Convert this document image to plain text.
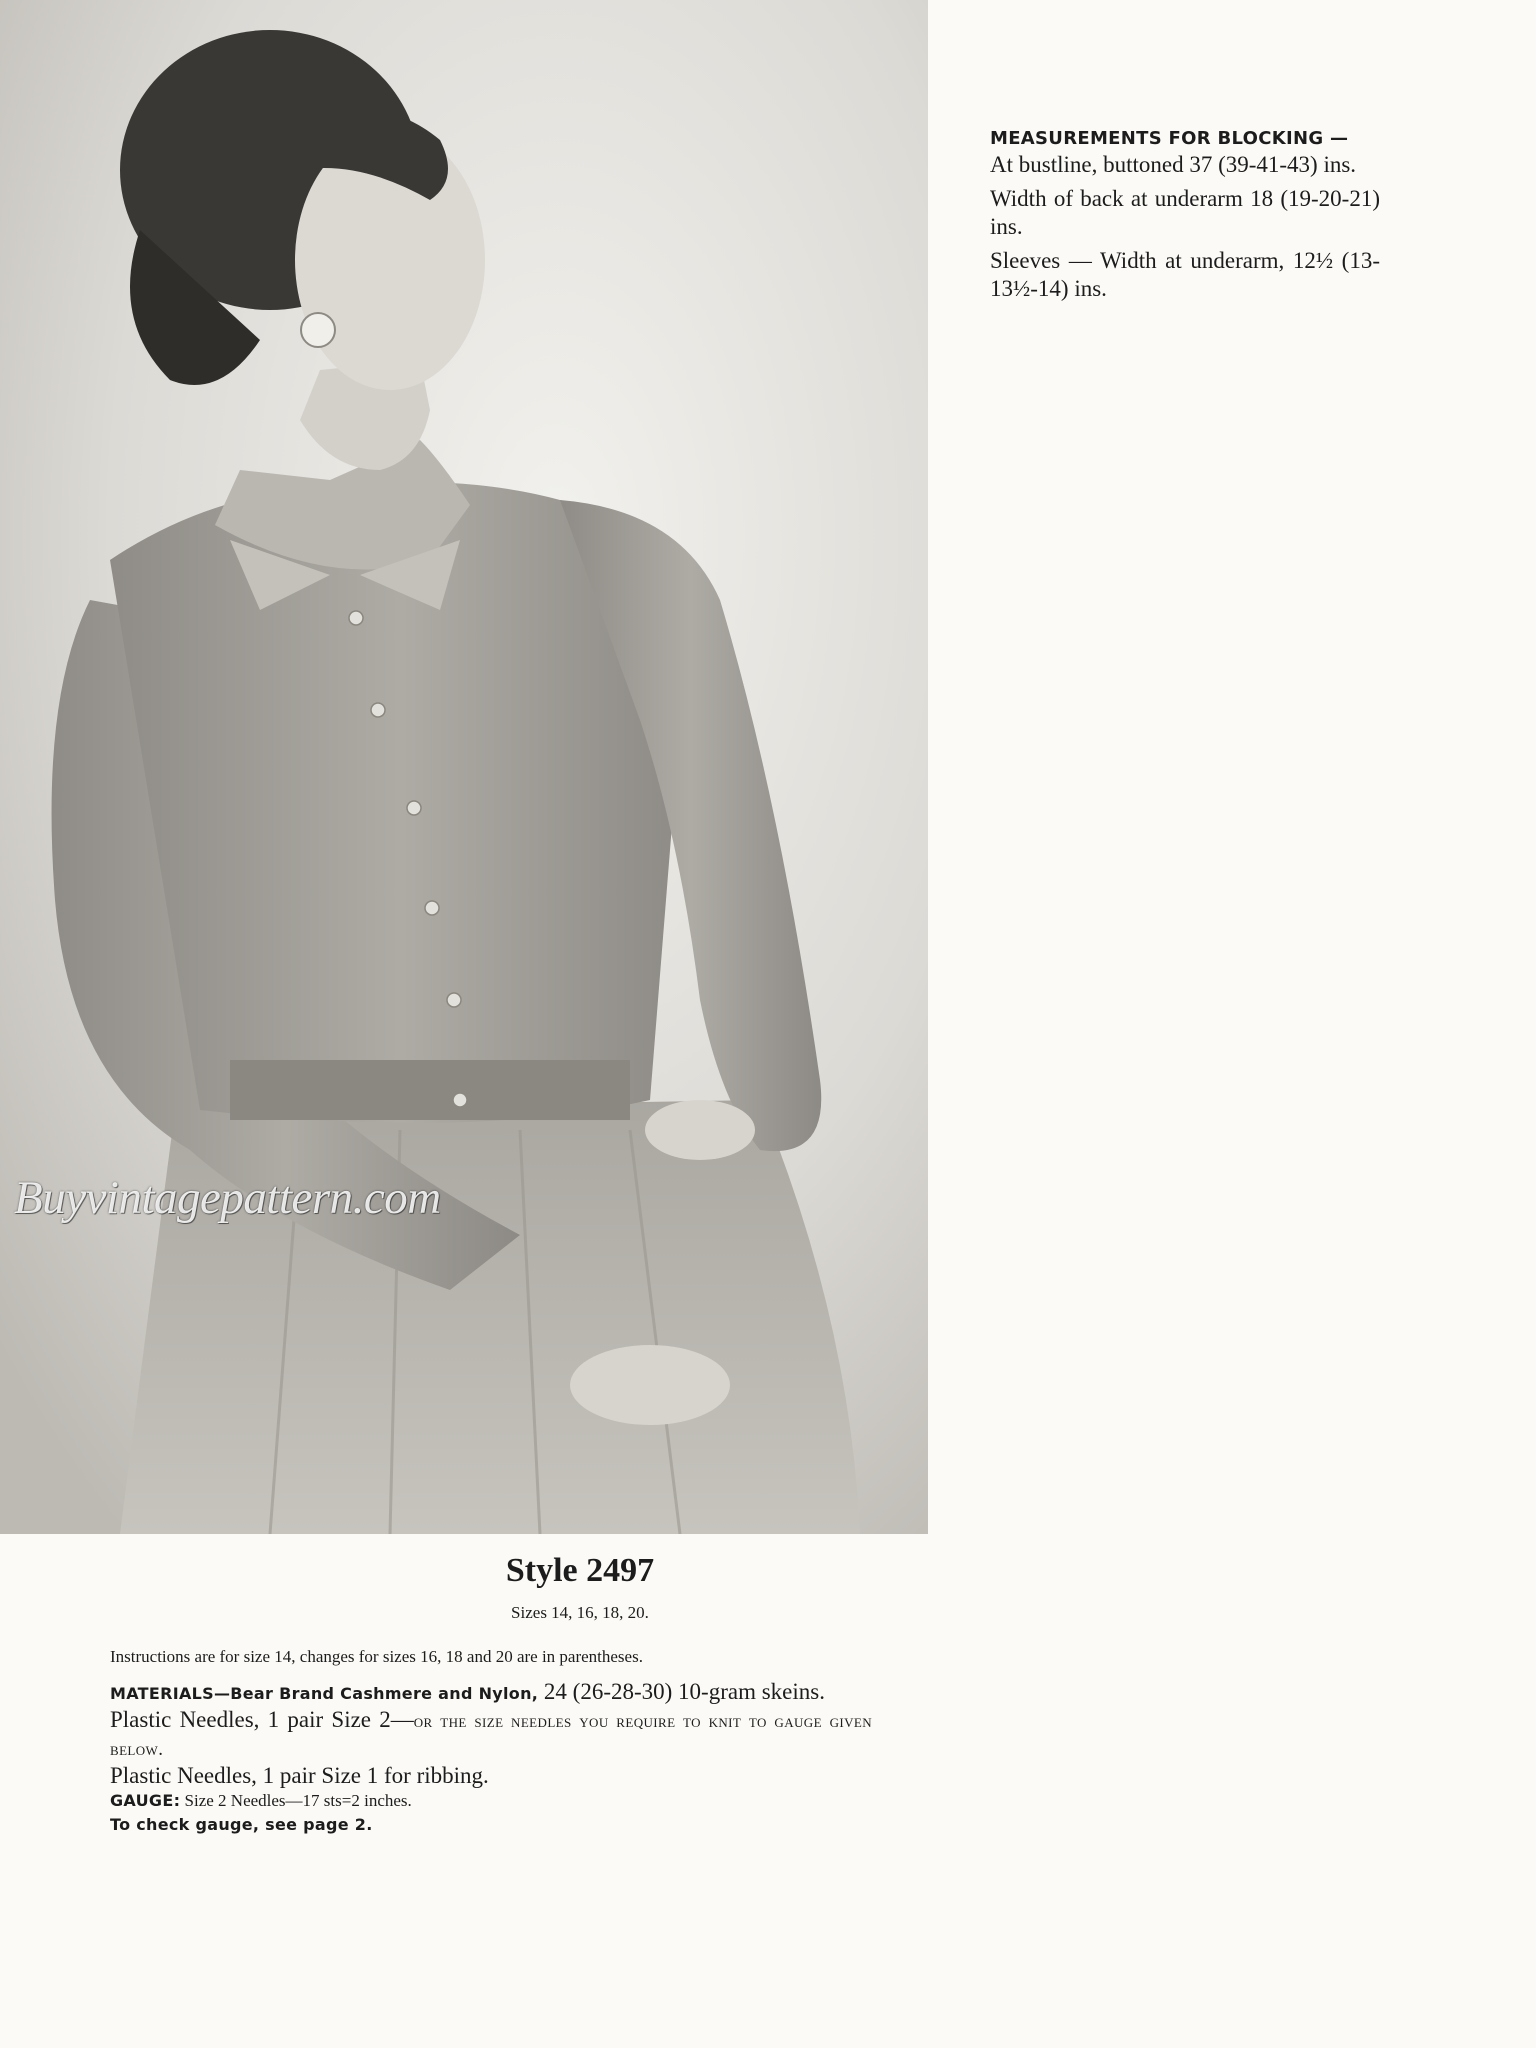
Buyvintagepattern.com
MEASUREMENTS FOR BLOCKING —

At bustline, buttoned 37 (39-41-43) ins.

Width of back at underarm 18 (19-20-21) ins.

Sleeves — Width at underarm, 12½ (13-13½-14) ins.

Style 2497
Sizes 14, 16, 18, 20.

Instructions are for size 14, changes for sizes 16, 18 and 20 are in parentheses.

MATERIALS—Bear Brand Cashmere and Nylon, 24 (26-28-30) 10-gram skeins.

Plastic Needles, 1 pair Size 2—or the size needles you require to knit to gauge given below.

Plastic Needles, 1 pair Size 1 for ribbing.

GAUGE: Size 2 Needles—17 sts=2 inches.

To check gauge, see page 2.
